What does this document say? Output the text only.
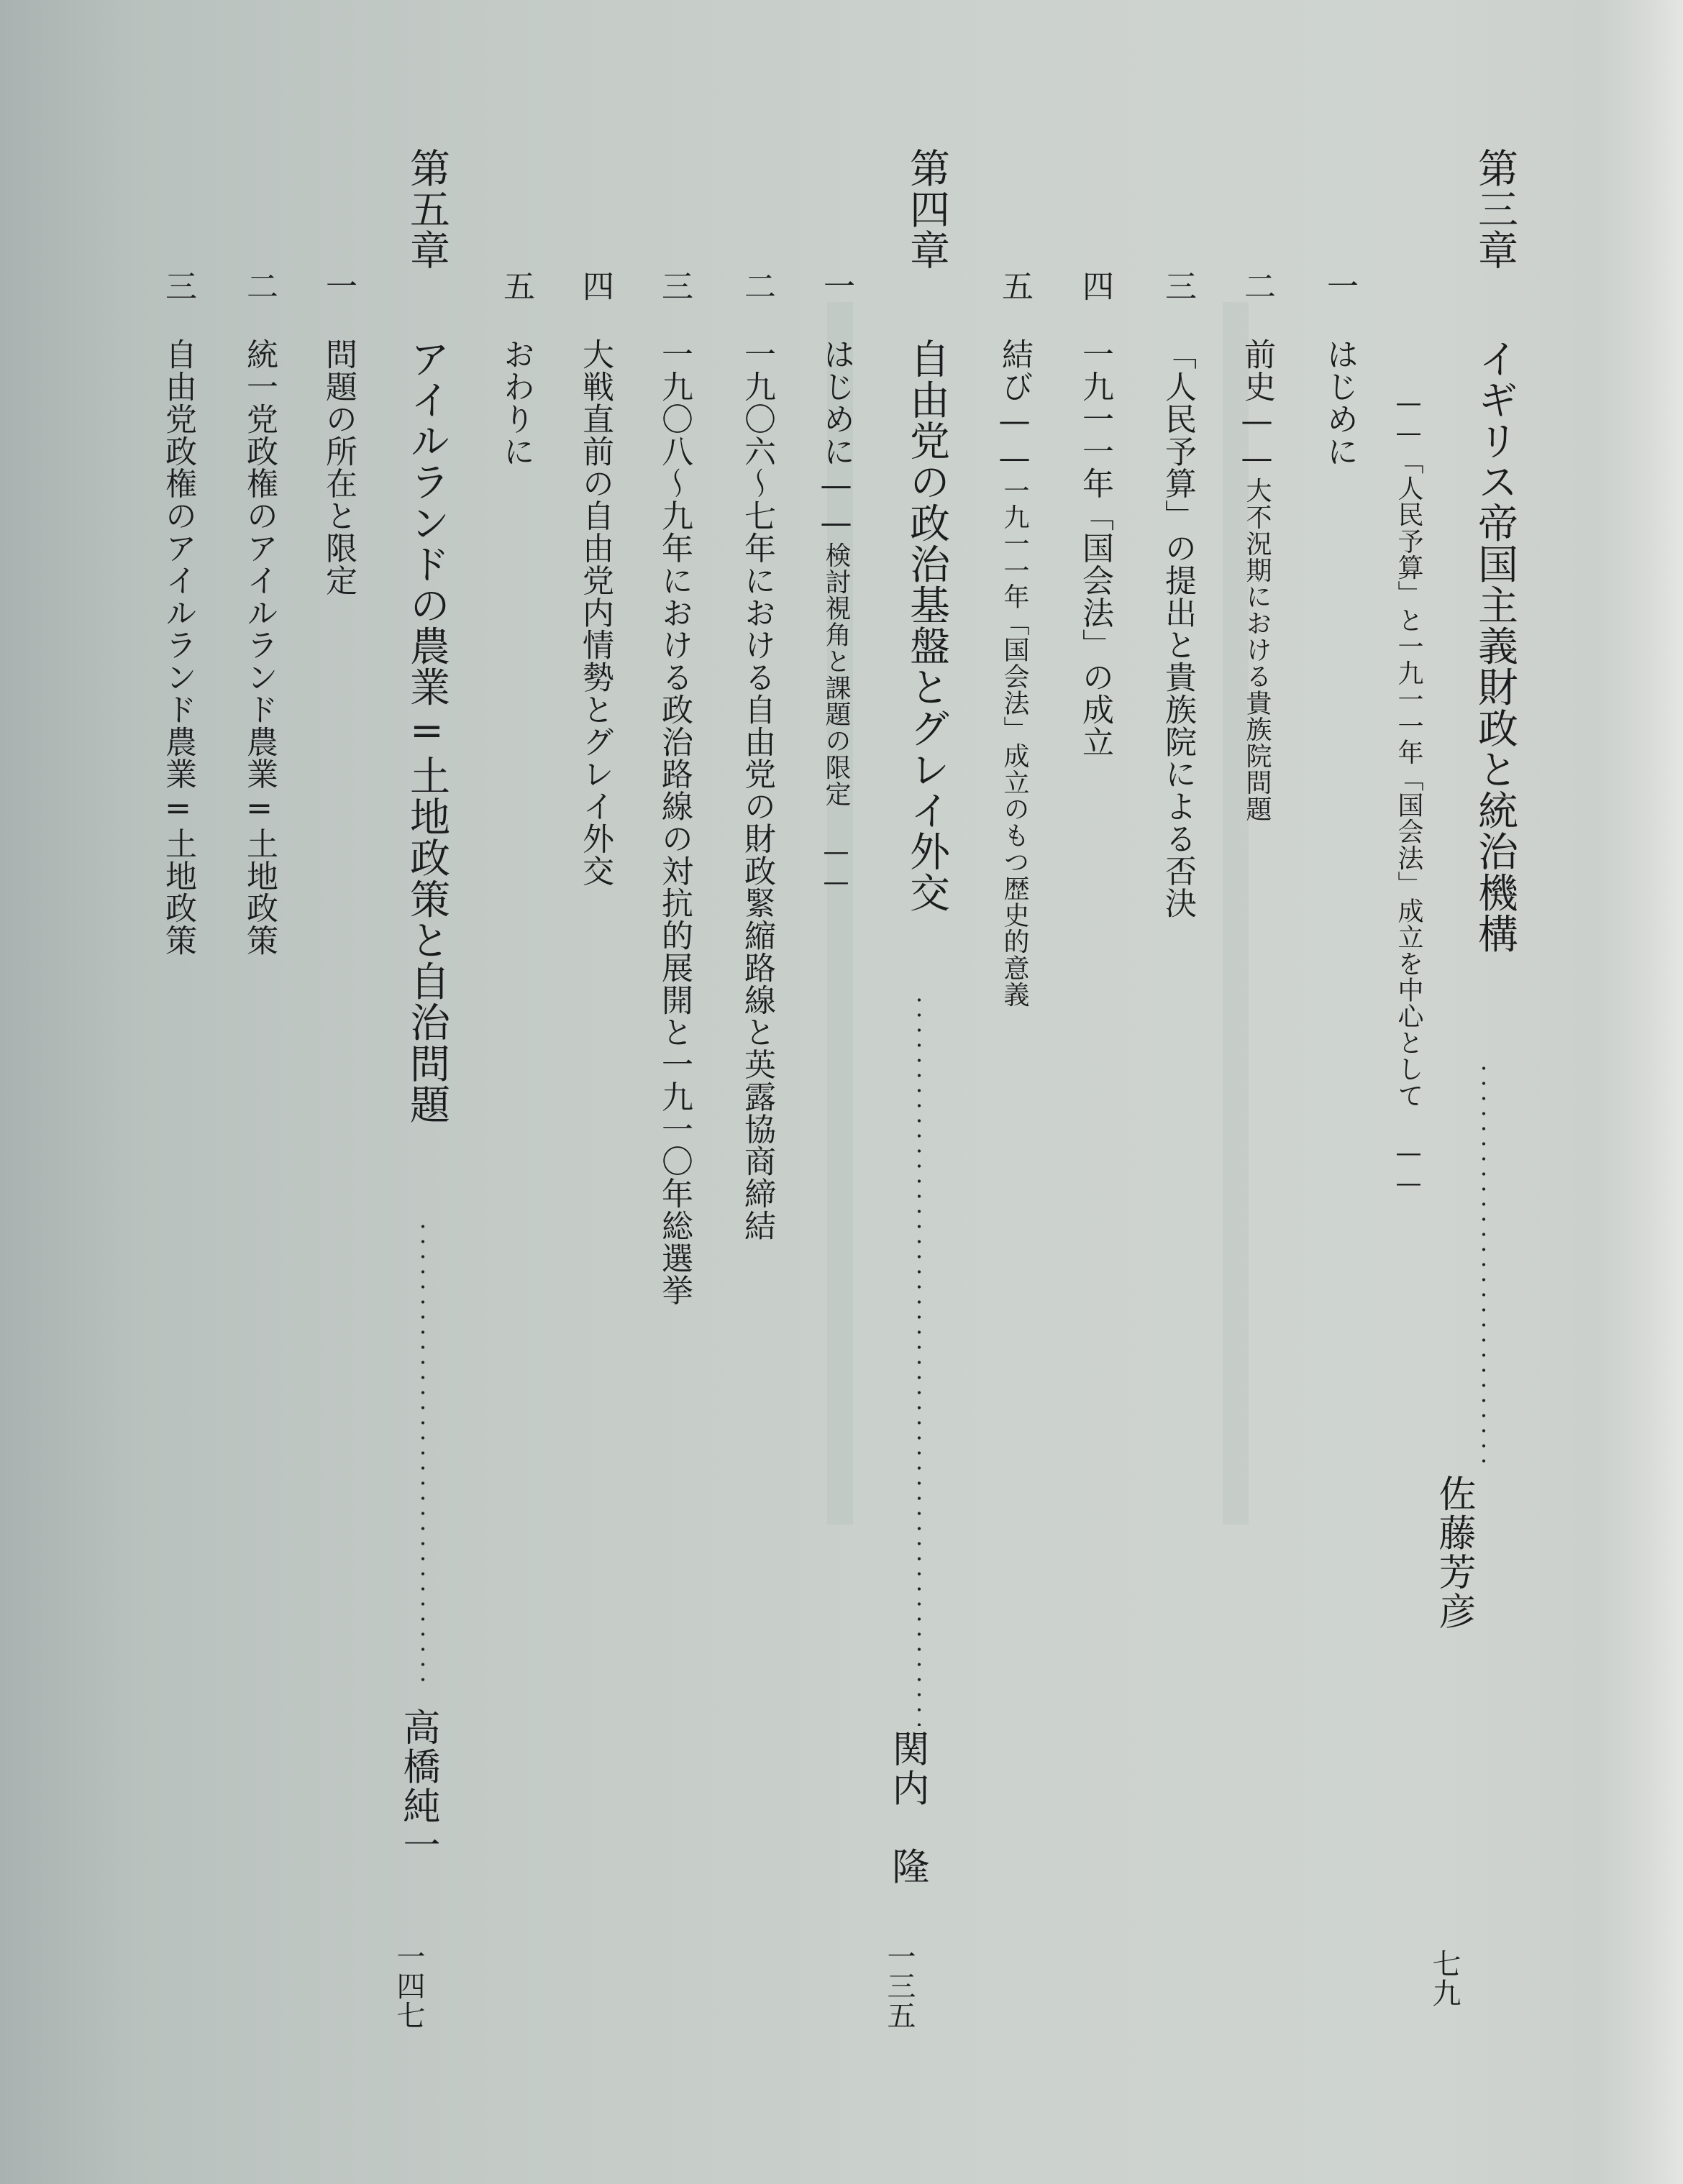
第三章
イギリス帝国主義財政と統治機構
佐藤芳彦
七九
——「人民予算」と一九一一年「国会法」成立を中心として ——
一
はじめに
二
前史——大不況期における貴族院問題
三
「人民予算」の提出と貴族院による否決
四
一九一一年「国会法」の成立
五
結び——一九一一年「国会法」成立のもつ歴史的意義
第四章
自由党の政治基盤とグレイ外交
関内　隆
一三五
一
はじめに——検討視角と課題の限定 ——
二
一九〇六～七年における自由党の財政緊縮路線と英露協商締結
三
一九〇八～九年における政治路線の対抗的展開と一九一〇年総選挙
四
大戦直前の自由党内情勢とグレイ外交
五
おわりに
第五章
アイルランドの農業=土地政策と自治問題
高橋純一
一四七
一
問題の所在と限定
二
統一党政権のアイルランド農業=土地政策
三
自由党政権のアイルランド農業=土地政策
